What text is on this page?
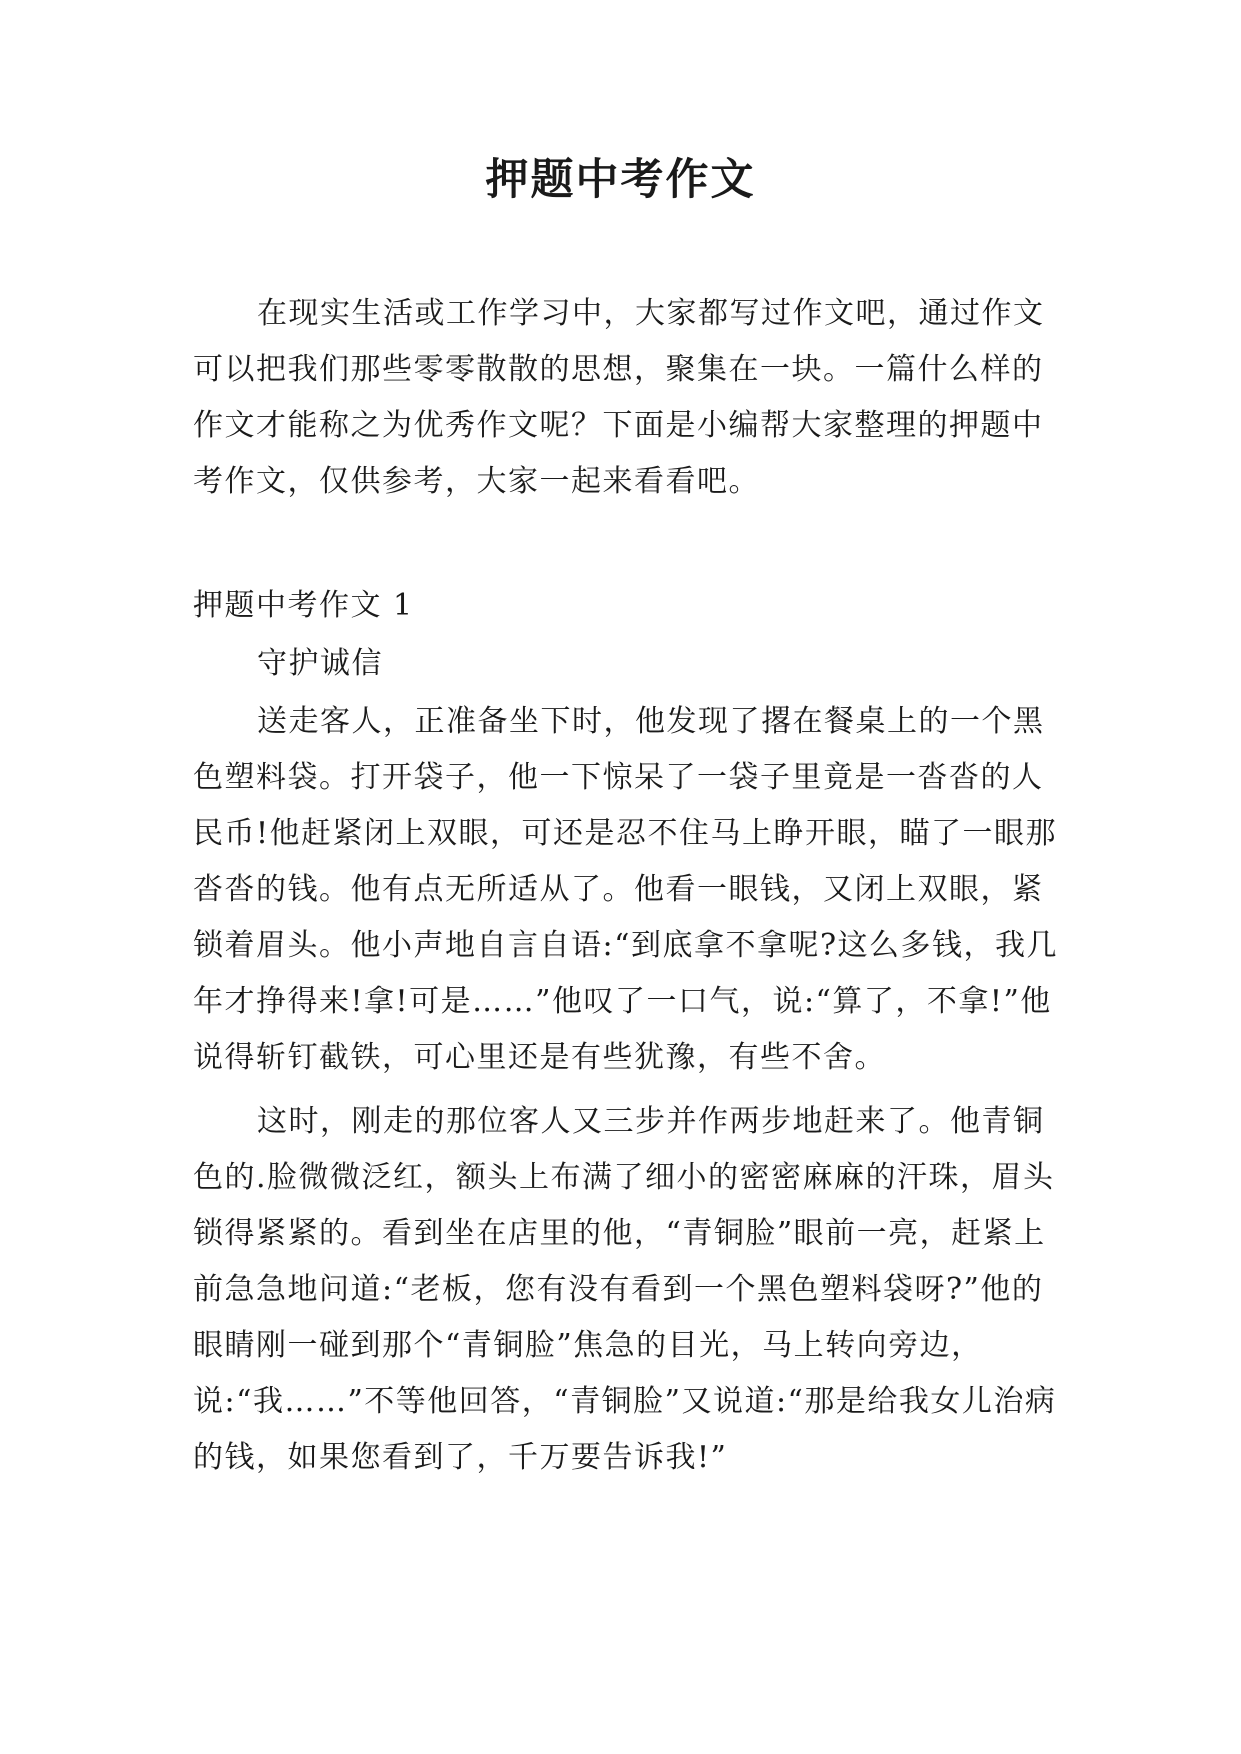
押题中考作文

在现实生活或工作学习中，大家都写过作文吧，通过作文可以把我们那些零零散散的思想，聚集在一块。一篇什么样的作文才能称之为优秀作文呢？下面是小编帮大家整理的押题中考作文，仅供参考，大家一起来看看吧。

押题中考作文 1

守护诚信

送走客人，正准备坐下时，他发现了撂在餐桌上的一个黑色塑料袋。打开袋子，他一下惊呆了一袋子里竟是一沓沓的人民币!他赶紧闭上双眼，可还是忍不住马上睁开眼，瞄了一眼那沓沓的钱。他有点无所适从了。他看一眼钱，又闭上双眼，紧锁着眉头。他小声地自言自语:“到底拿不拿呢?这么多钱，我几年才挣得来!拿!可是……”他叹了一口气，说:“算了，不拿!”他说得斩钉截铁，可心里还是有些犹豫，有些不舍。

这时，刚走的那位客人又三步并作两步地赶来了。他青铜色的.脸微微泛红，额头上布满了细小的密密麻麻的汗珠，眉头锁得紧紧的。看到坐在店里的他，“青铜脸”眼前一亮，赶紧上前急急地问道:“老板，您有没有看到一个黑色塑料袋呀?”他的眼睛刚一碰到那个“青铜脸”焦急的目光，马上转向旁边，说:“我……”不等他回答，“青铜脸”又说道:“那是给我女儿治病的钱，如果您看到了，千万要告诉我!”
